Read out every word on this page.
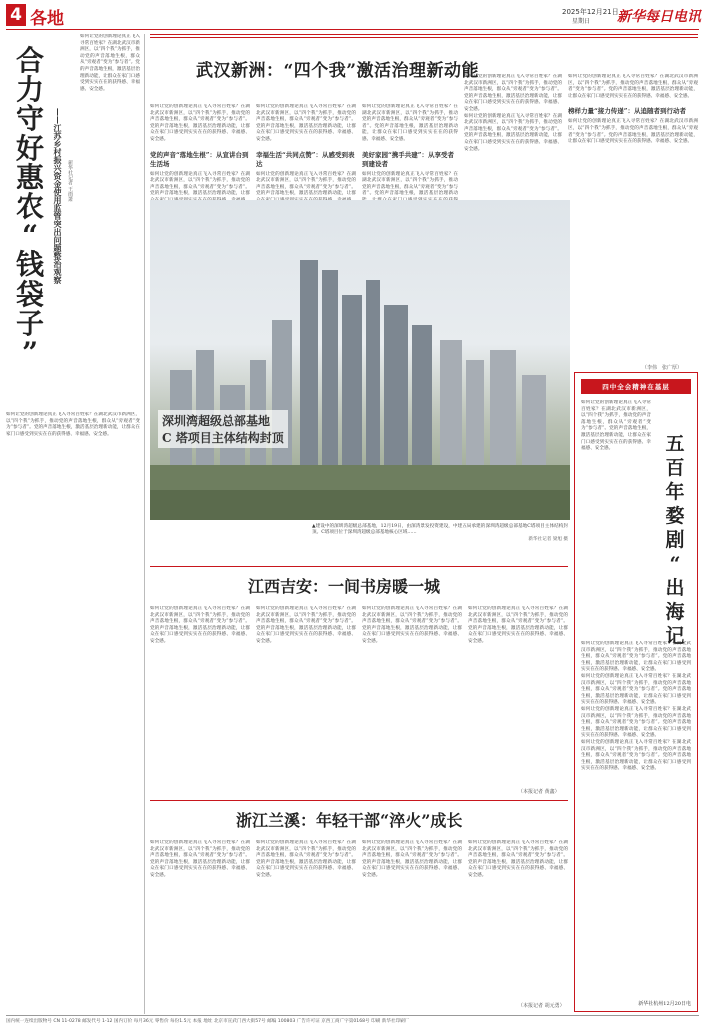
4 各地	2025年12月21日
星期日 新华每日电讯
合
力
守
好
惠
农
“
钱
袋
子
”
——江苏乡村振兴资金使用监管突出问题整治观察 新华社记者 王雨萧
如何让党的创新理论真正飞入寻常百姓家？在湖北武汉市新洲区，以“四个我”为抓手，推动党的声音落地生根，群众从“旁观者”变为“参与者”。党的声音落地生根，激活基层治理新动能，让群众在家门口感受到实实在在的获得感、幸福感、安全感。
如何让党的创新理论真正飞入寻常百姓家？在湖北武汉市新洲区，以“四个我”为抓手，推动党的声音落地生根，群众从“旁观者”变为“参与者”。党的声音落地生根，激活基层治理新动能，让群众在家门口感受到实实在在的获得感、幸福感、安全感。
武汉新洲：“四个我”激活治理新动能
如何让党的创新理论真正飞入寻常百姓家？在湖北武汉市新洲区，以“四个我”为抓手，推动党的声音落地生根，群众从“旁观者”变为“参与者”。党的声音落地生根，激活基层治理新动能，让群众在家门口感受到实实在在的获得感、幸福感、安全感。
党的声音“落地生根”：从宣讲台到生活场
如何让党的创新理论真正飞入寻常百姓家？在湖北武汉市新洲区，以“四个我”为抓手，推动党的声音落地生根，群众从“旁观者”变为“参与者”。党的声音落地生根，激活基层治理新动能，让群
如何让党的创新理论真正飞入寻常百姓家？在湖北武汉市新洲区，以“四个我”为抓手，推动党的声音落地生根，群众从“旁观者”变为“参与者”。党的声音落地生根，激活基层治理新动能，让群众在家门口感受到实实在在的获得感、幸福感、安全感。
幸福生活“共同点赞”：从感受到表达
如何让党的创新理论真正飞入寻常百姓家？在湖北武汉市新洲区，以“四个我”为抓手，推动党的声音落地生根，群众从“旁观者”变为“参与者”。党的声音落地生根，激活基层治理新动能，让群
如何让党的创新理论真正飞入寻常百姓家？在湖北武汉市新洲区，以“四个我”为抓手，推动党的声音落地生根，群众从“旁观者”变为“参与者”。党的声音落地生根，激活基层治理新动能，让群众在家门口感受到实实在在的获得感、幸福感、安全感。
美好家园“携手共建”：从享受者到建设者
如何让党的创新理论真正飞入寻常百姓家？在湖北武汉市新洲区，以“四个我”为抓手，推动党的声音落地生根，群众从“旁观者”变为“参与者”。党的声音落地生根，激活基层治理新动
如何让党的创新理论真正飞入寻常百姓家？在湖北武汉市新洲区，以“四个我”为抓手，推动党的声音落地生根，群众从“旁观者”变为“参与者”。党的声音落地生根，激活基层治理新动能，让群众在家门口感受到实实在在的获得感、幸福感、安全感。
如何让党的创新理论真正飞入寻常百姓家？在湖北武汉市新洲区，以“四个我”为抓手，推动党的声音落地生根，群众从“旁观者”变为“参与者”。党的声音落地生根，激活基层治理新动能，让群众在家门口感受到实实在在的获得感、幸福感、安全感。
如何让党的创新理论真正飞入寻常百姓家？在湖北武汉市新洲区，以“四个我”为抓手，推动党的声音落地生根，群众从“旁观者”变为“参与者”。党的声音落地生根，激活基层治理新动能，让群众在家门口感受到实实在在的获得感、幸福感、安全感。
榜样力量“接力传递”：从追随者到行动者
如何让党的创新理论真正飞入寻常百姓家？在湖北武汉市新洲区，以“四个我”为抓手，推动党的声音落地生根，群众从“旁观者”变为“参与者”。党的声音落地生根，激活基层治理新动能，让群众在家门口感受到实实在在的获得感、幸福感、安全感。
（李伟　张广厚）
深圳湾超级总部基地
C 塔项目主体结构封顶
▲建设中的深圳湾超级总部基地，12月19日，由深湾景发投资建设，中建五局承建的深圳湾超级总部基地C塔项目主体结构封顶。C塔项目位于深圳湾超级总部基地核心区域……
新华社记者 梁旭 摄
四中全会精神在基层
如何让党的创新理论真正飞入寻常百姓家？在湖北武汉市新洲区，以“四个我”为抓手，推动党的声音落地生根，群众从“旁观者”变为“参与者”。党的声音落地生根，激活基层治理新动能，让群众在家门口感受到实实在在的获得感、幸福感、安全感。	五
百
年
婺
剧
“
出
海
记
如何让党的创新理论真正飞入寻常百姓家？在湖北武汉市新洲区，以“四个我”为抓手，推动党的声音落地生根，群众从“旁观者”变为“参与者”。党的声音落地生根，激活基层治理新动能，让群众在家门口感受到实实在在的获得感、幸福感、安全感。
如何让党的创新理论真正飞入寻常百姓家？在湖北武汉市新洲区，以“四个我”为抓手，推动党的声音落地生根，群众从“旁观者”变为“参与者”。党的声音落地生根，激活基层治理新动能，让群众在家门口感受到实实在在的获得感、幸福感、安全感。
如何让党的创新理论真正飞入寻常百姓家？在湖北武汉市新洲区，以“四个我”为抓手，推动党的声音落地生根，群众从“旁观者”变为“参与者”。党的声音落地生根，激活基层治理新动能，让群众在家门口感受到实实在在的获得感、幸福感、安全感。
如何让党的创新理论真正飞入寻常百姓家？在湖北武汉市新洲区，以“四个我”为抓手，推动党的声音落地生根，群众从“旁观者”变为“参与者”。党的声音落地生根，激活基层治理新动能，让群众在家门口感受到实实在在的获得感、幸福感、安全感。
新华社杭州12月20日电
江西吉安：一间书房暖一城
如何让党的创新理论真正飞入寻常百姓家？在湖北武汉市新洲区，以“四个我”为抓手，推动党的声音落地生根，群众从“旁观者”变为“参与者”。党的声音落地生根，激活基层治理新动能，让群众在家门口感受到实实在在的获得感、幸福感、安全感。
如何让党的创新理论真正飞入寻常百姓家？在湖北武汉市新洲区，以“四个我”为抓手，推动党的声音落地生根，群众从“旁观者”变为“参与者”。党的声音落地生根，激活基层治理新动能，让群众在家门口感受到实实在在的获得感、幸福感、安全感。
如何让党的创新理论真正飞入寻常百姓家？在湖北武汉市新洲区，以“四个我”为抓手，推动党的声音落地生根，群众从“旁观者”变为“参与者”。党的声音落地生根，激活基层治理新动能，让群众在家门口感受到实实在在的获得感、幸福感、安全感。
如何让党的创新理论真正飞入寻常百姓家？在湖北武汉市新洲区，以“四个我”为抓手，推动党的声音落地生根，群众从“旁观者”变为“参与者”。党的声音落地生根，激活基层治理新动能，让群众在家门口感受到实实在在的获得感、幸福感、安全感。
（本报记者 黄鑫）
浙江兰溪：年轻干部“淬火”成长
如何让党的创新理论真正飞入寻常百姓家？在湖北武汉市新洲区，以“四个我”为抓手，推动党的声音落地生根，群众从“旁观者”变为“参与者”。党的声音落地生根，激活基层治理新动能，让群众在家门口感受到实实在在的获得感、幸福感、安全感。
如何让党的创新理论真正飞入寻常百姓家？在湖北武汉市新洲区，以“四个我”为抓手，推动党的声音落地生根，群众从“旁观者”变为“参与者”。党的声音落地生根，激活基层治理新动能，让群众在家门口感受到实实在在的获得感、幸福感、安全感。
如何让党的创新理论真正飞入寻常百姓家？在湖北武汉市新洲区，以“四个我”为抓手，推动党的声音落地生根，群众从“旁观者”变为“参与者”。党的声音落地生根，激活基层治理新动能，让群众在家门口感受到实实在在的获得感、幸福感、安全感。
如何让党的创新理论真正飞入寻常百姓家？在湖北武汉市新洲区，以“四个我”为抓手，推动党的声音落地生根，群众从“旁观者”变为“参与者”。党的声音落地生根，激活基层治理新动能，让群众在家门口感受到实实在在的获得感、幸福感、安全感。
（本报记者 胡元勇）
国内统一连续出版物号 CN 11-0278 邮发代号 1-12 国内订价 每月36元 零售价 每份1.5元 本报 地址 北京市宣武门西大街57号 邮编 100803 广告许可证 京西工商广字第0168号 印刷 新华社印刷厂
